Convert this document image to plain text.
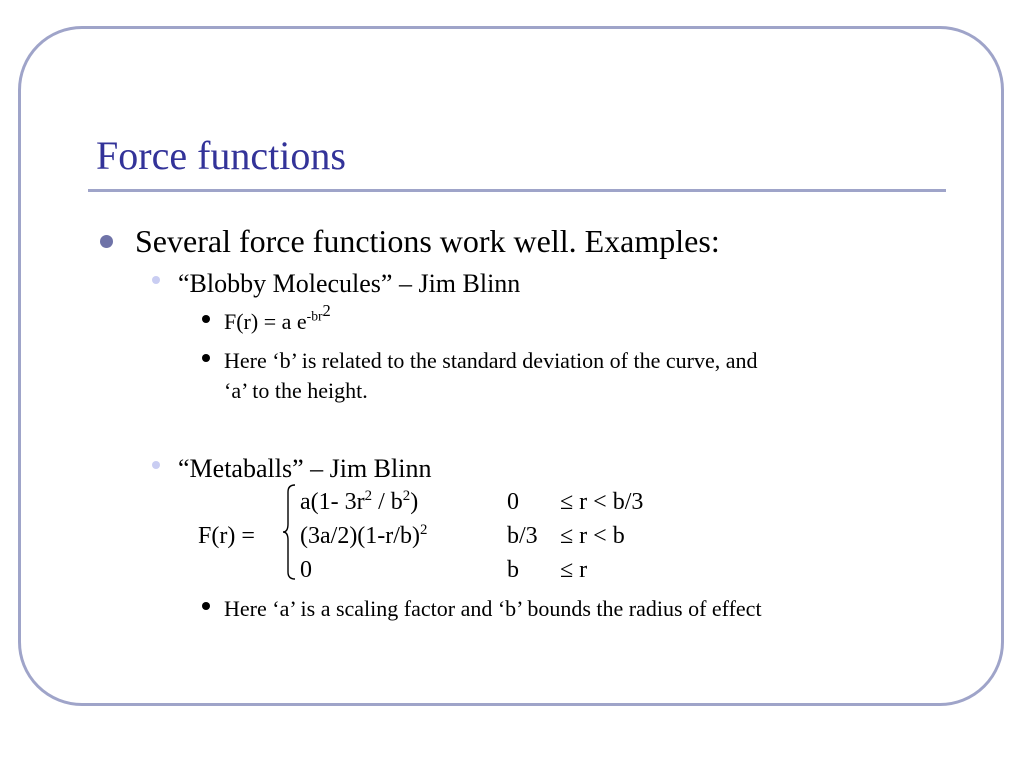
Force functions
Several force functions work well. Examples:
“Blobby Molecules” – Jim Blinn
F(r) = a $e^{-br2}$
Here ‘b’ is related to the standard deviation of the curve, and
‘a’ to the height.
“Metaballs” – Jim Blinn
F(r) =
a(1- $3r^2 / b^2$)	0 ≤ r < b/3
$(3a/2)(1-r/b)^2$	b/3 ≤ r < b
0	b ≤ r
Here ‘a’ is a scaling factor and ‘b’ bounds the radius of effect
